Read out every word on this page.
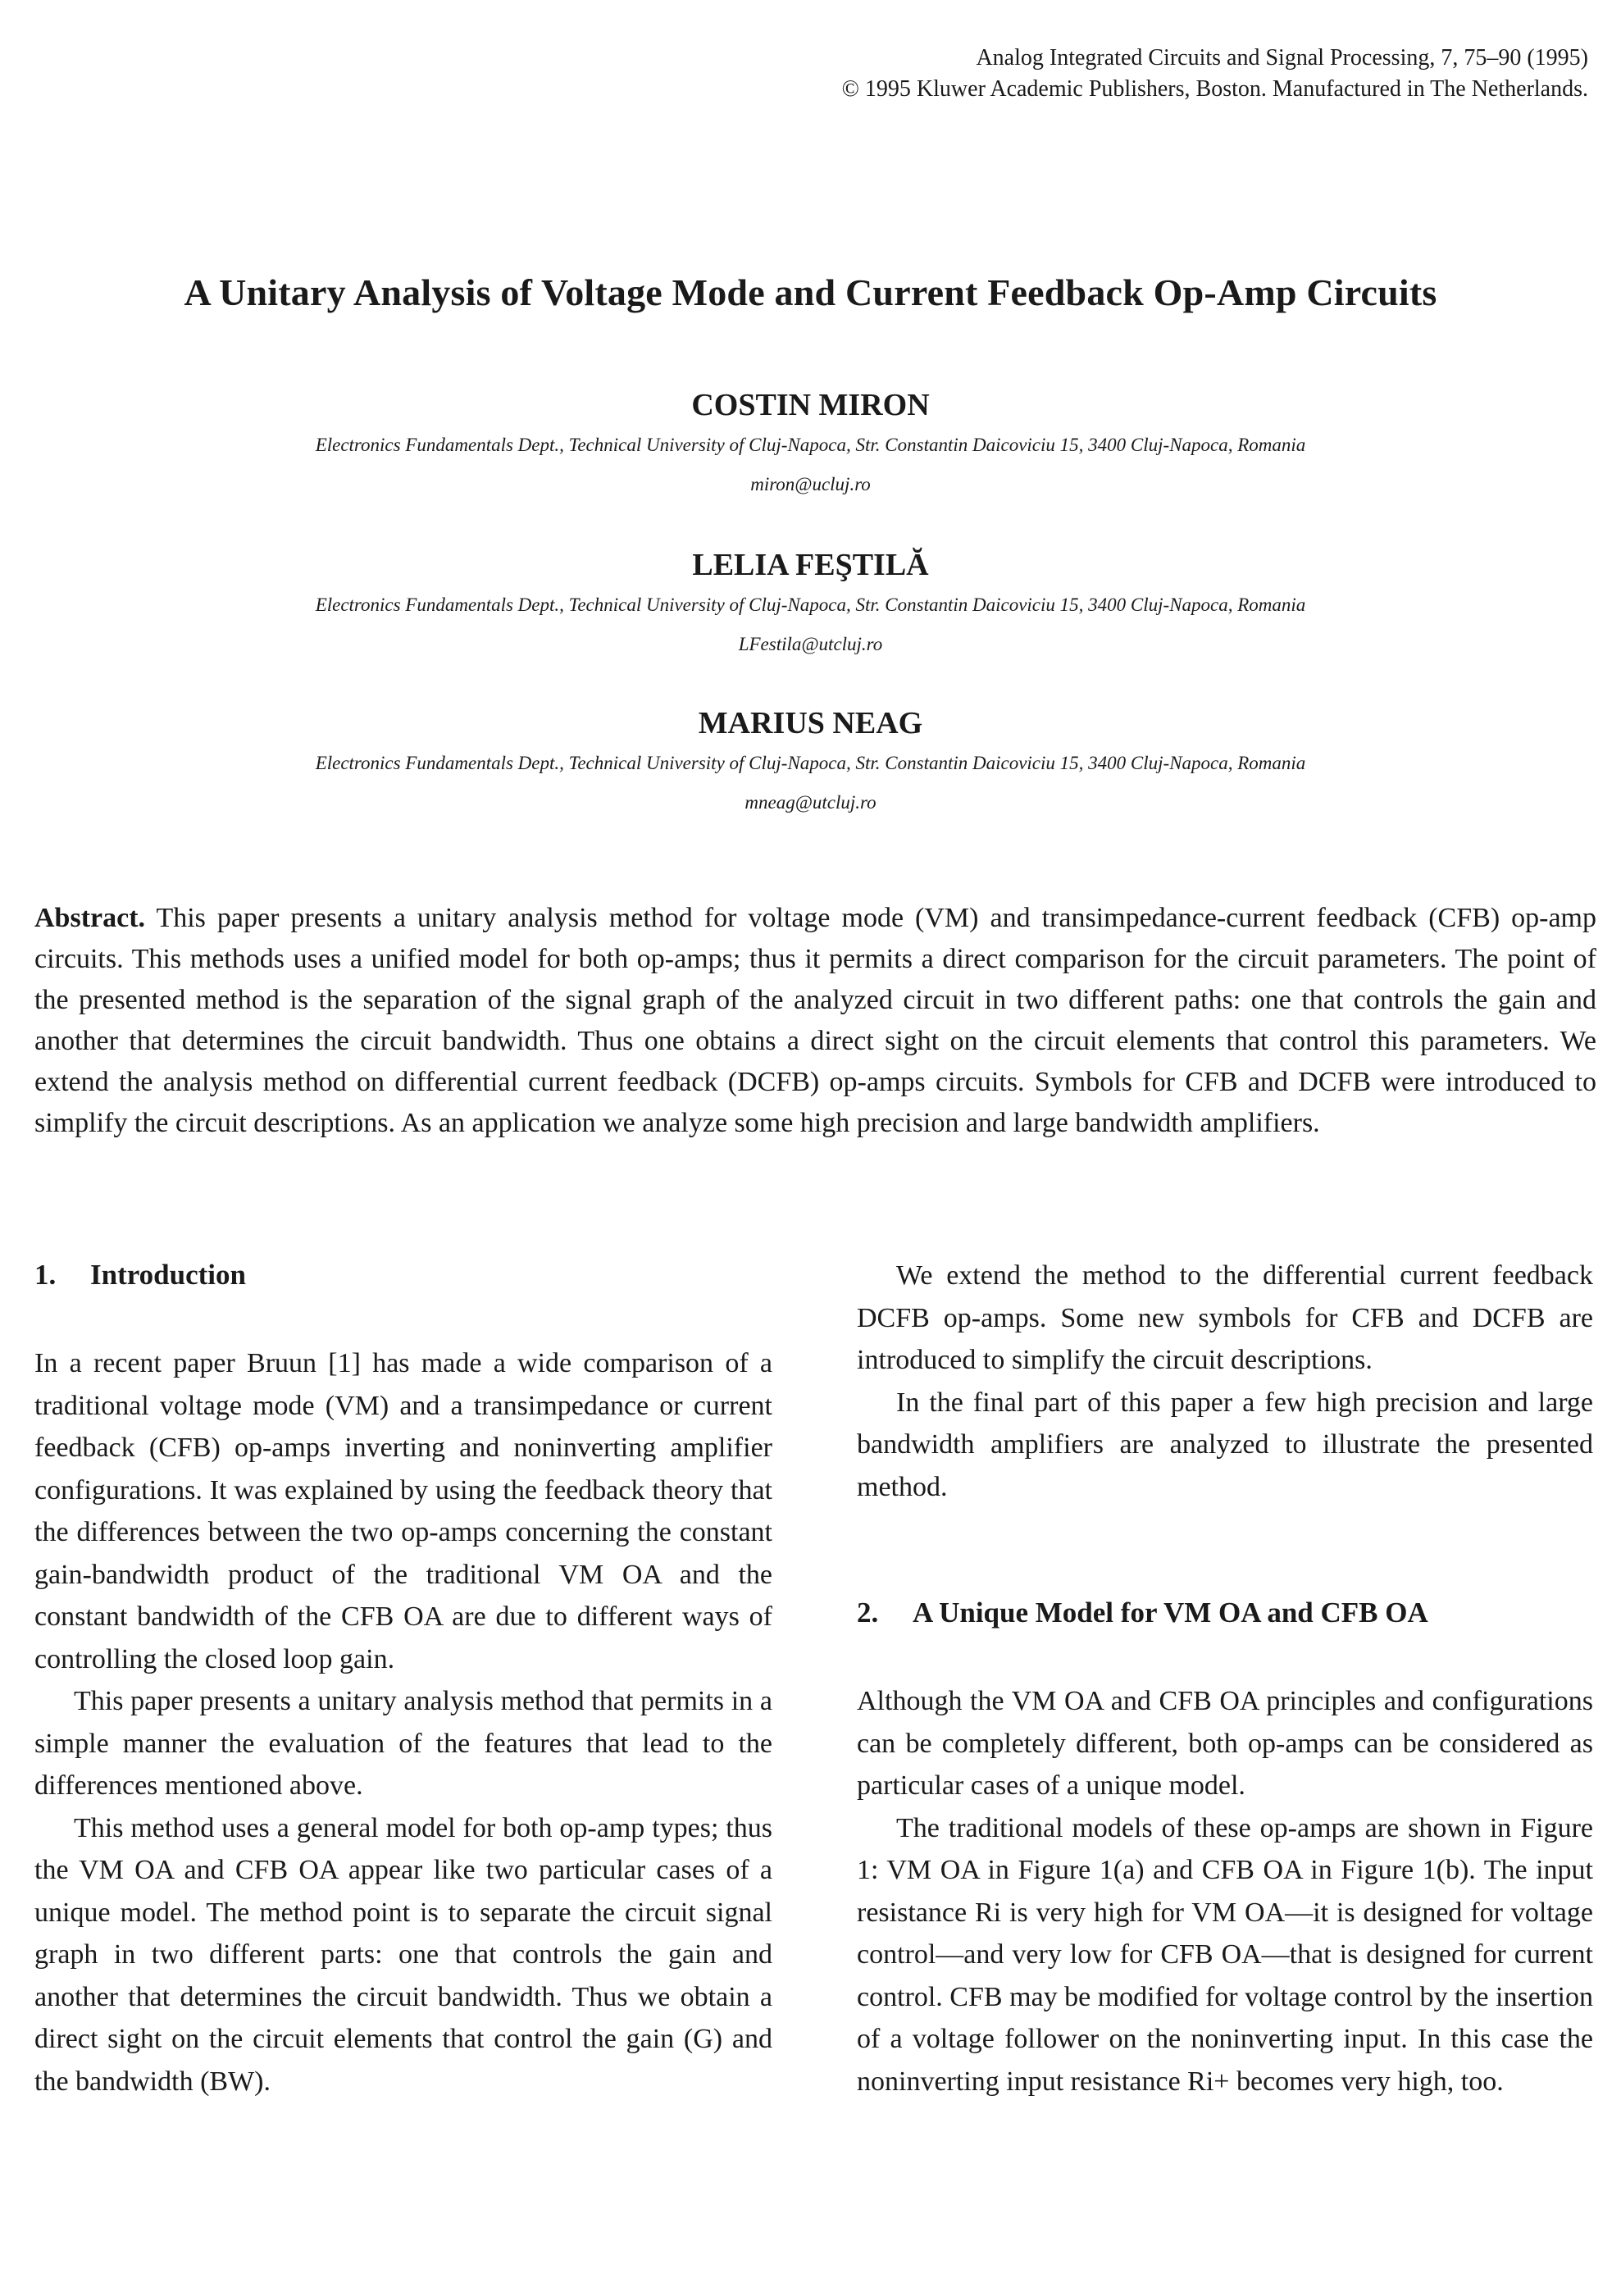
Analog Integrated Circuits and Signal Processing, 7, 75–90 (1995)
© 1995 Kluwer Academic Publishers, Boston. Manufactured in The Netherlands.
A Unitary Analysis of Voltage Mode and Current Feedback Op-Amp Circuits

COSTIN MIRON

Electronics Fundamentals Dept., Technical University of Cluj-Napoca, Str. Constantin Daicoviciu 15, 3400 Cluj-Napoca, Romania

miron@ucluj.ro

LELIA FEŞTILĂ

Electronics Fundamentals Dept., Technical University of Cluj-Napoca, Str. Constantin Daicoviciu 15, 3400 Cluj-Napoca, Romania

LFestila@utcluj.ro

MARIUS NEAG

Electronics Fundamentals Dept., Technical University of Cluj-Napoca, Str. Constantin Daicoviciu 15, 3400 Cluj-Napoca, Romania

mneag@utcluj.ro

Abstract. This paper presents a unitary analysis method for voltage mode (VM) and transimpedance-current feedback (CFB) op-amp circuits. This methods uses a unified model for both op-amps; thus it permits a direct comparison for the circuit parameters. The point of the presented method is the separation of the signal graph of the analyzed circuit in two different paths: one that controls the gain and another that determines the circuit bandwidth. Thus one obtains a direct sight on the circuit elements that control this parameters. We extend the analysis method on differential current feedback (DCFB) op-amps circuits. Symbols for CFB and DCFB were introduced to simplify the circuit descriptions. As an application we analyze some high precision and large bandwidth amplifiers.
1. Introduction

In a recent paper Bruun [1] has made a wide comparison of a traditional voltage mode (VM) and a transimpedance or current feedback (CFB) op-amps inverting and noninverting amplifier configurations. It was explained by using the feedback theory that the differences between the two op-amps concerning the constant gain-bandwidth product of the traditional VM OA and the constant bandwidth of the CFB OA are due to different ways of controlling the closed loop gain.

This paper presents a unitary analysis method that permits in a simple manner the evaluation of the features that lead to the differences mentioned above.

This method uses a general model for both op-amp types; thus the VM OA and CFB OA appear like two particular cases of a unique model. The method point is to separate the circuit signal graph in two different parts: one that controls the gain and another that determines the circuit bandwidth. Thus we obtain a direct sight on the circuit elements that control the gain (G) and the bandwidth (BW).

We extend the method to the differential current feedback DCFB op-amps. Some new symbols for CFB and DCFB are introduced to simplify the circuit descriptions.

In the final part of this paper a few high precision and large bandwidth amplifiers are analyzed to illustrate the presented method.

2. A Unique Model for VM OA and CFB OA

Although the VM OA and CFB OA principles and configurations can be completely different, both op-amps can be considered as particular cases of a unique model.

The traditional models of these op-amps are shown in Figure 1: VM OA in Figure 1(a) and CFB OA in Figure 1(b). The input resistance Ri is very high for VM OA—it is designed for voltage control—and very low for CFB OA—that is designed for current control. CFB may be modified for voltage control by the insertion of a voltage follower on the noninverting input. In this case the noninverting input resistance Ri+ becomes very high, too.
